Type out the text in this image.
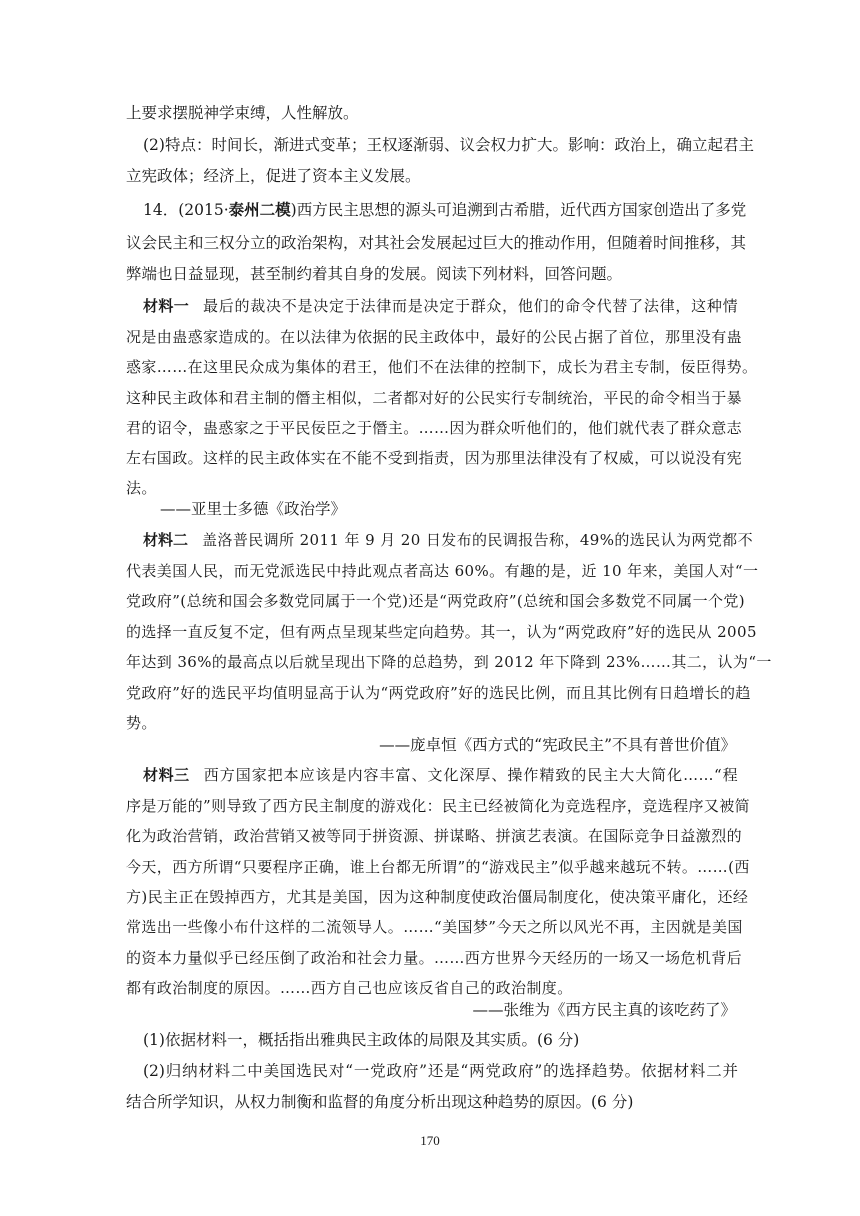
上要求摆脱神学束缚，人性解放。
(2)特点：时间长，渐进式变革；王权逐渐弱、议会权力扩大。影响：政治上，确立起君主
立宪政体；经济上，促进了资本主义发展。
14．(2015·泰州二模)西方民主思想的源头可追溯到古希腊，近代西方国家创造出了多党
议会民主和三权分立的政治架构，对其社会发展起过巨大的推动作用，但随着时间推移，其
弊端也日益显现，甚至制约着其自身的发展。阅读下列材料，回答问题。
材料一 最后的裁决不是决定于法律而是决定于群众，他们的命令代替了法律，这种情
况是由蛊惑家造成的。在以法律为依据的民主政体中，最好的公民占据了首位，那里没有蛊
惑家……在这里民众成为集体的君王，他们不在法律的控制下，成长为君主专制，佞臣得势。
这种民主政体和君主制的僭主相似，二者都对好的公民实行专制统治，平民的命令相当于暴
君的诏令，蛊惑家之于平民佞臣之于僭主。……因为群众听他们的，他们就代表了群众意志
左右国政。这样的民主政体实在不能不受到指责，因为那里法律没有了权威，可以说没有宪
法。
——亚里士多德《政治学》
材料二 盖洛普民调所 2011 年 9 月 20 日发布的民调报告称，49%的选民认为两党都不
代表美国人民，而无党派选民中持此观点者高达 60%。有趣的是，近 10 年来，美国人对“一
党政府”(总统和国会多数党同属于一个党)还是“两党政府”(总统和国会多数党不同属一个党)
的选择一直反复不定，但有两点呈现某些定向趋势。其一，认为“两党政府”好的选民从 2005
年达到 36%的最高点以后就呈现出下降的总趋势，到 2012 年下降到 23%……其二，认为“一
党政府”好的选民平均值明显高于认为“两党政府”好的选民比例，而且其比例有日趋增长的趋
势。
——庞卓恒《西方式的“宪政民主”不具有普世价值》
材料三 西方国家把本应该是内容丰富、文化深厚、操作精致的民主大大简化……“程
序是万能的”则导致了西方民主制度的游戏化：民主已经被简化为竞选程序，竞选程序又被简
化为政治营销，政治营销又被等同于拼资源、拼谋略、拼演艺表演。在国际竞争日益激烈的
今天，西方所谓“只要程序正确，谁上台都无所谓”的“游戏民主”似乎越来越玩不转。……(西
方)民主正在毁掉西方，尤其是美国，因为这种制度使政治僵局制度化，使决策平庸化，还经
常选出一些像小布什这样的二流领导人。……“美国梦”今天之所以风光不再，主因就是美国
的资本力量似乎已经压倒了政治和社会力量。……西方世界今天经历的一场又一场危机背后
都有政治制度的原因。……西方自己也应该反省自己的政治制度。
——张维为《西方民主真的该吃药了》
(1)依据材料一，概括指出雅典民主政体的局限及其实质。(6 分)
(2)归纳材料二中美国选民对“一党政府”还是“两党政府”的选择趋势。依据材料二并
结合所学知识，从权力制衡和监督的角度分析出现这种趋势的原因。(6 分)
170
